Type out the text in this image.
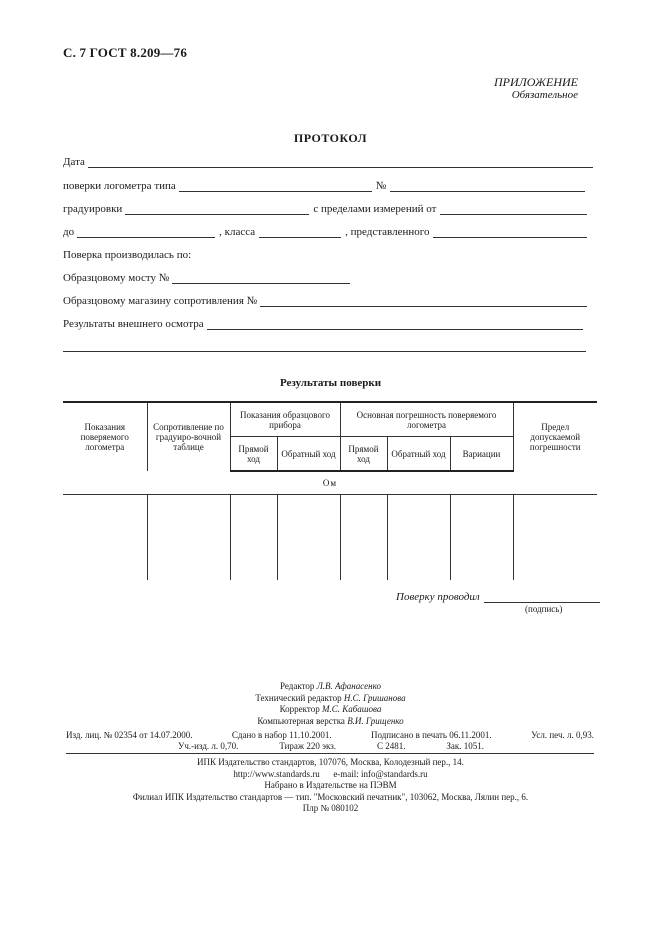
С. 7 ГОСТ 8.209—76
ПРИЛОЖЕНИЕ
Обязательное
ПРОТОКОЛ
Дата
поверки логометра типа	№
градуировки	с пределами измерений от
до	, класса	, представленного
Поверка производилась по:
Образцовому мосту №
Образцовому магазину сопротивления №
Результаты внешнего осмотра
Результаты поверки
Показания поверяемого логометра	Сопротивление по градуиро-вочной таблице	Показания образцового прибора		Основная погрешность поверяемого логометра			Предел допускаемой погрешности
		Прямой ход	Обратный ход	Прямой ход	Обратный ход	Вариации	
Ом							

Поверку проводил
(подпись)
Редактор Л.В. Афанасенко
Технический редактор Н.С. Гришанова
Корректор М.С. Кабашова
Компьютерная верстка В.И. Грищенко
Изд. лиц. № 02354 от 14.07.2000.	Сдано в набор 11.10.2001.	Подписано в печать 06.11.2001.	Усл. печ. л. 0,93.
Уч.-изд. л. 0,70.	Тираж 220 экз.	С 2481.	Зак. 1051.
ИПК Издательство стандартов, 107076, Москва, Колодезный пер., 14.
http://www.standards.ru e-mail: info@standards.ru
Набрано в Издательстве на ПЭВМ
Филиал ИПК Издательство стандартов — тип. "Московский печатник", 103062, Москва, Лялин пер., 6.
Плр № 080102
